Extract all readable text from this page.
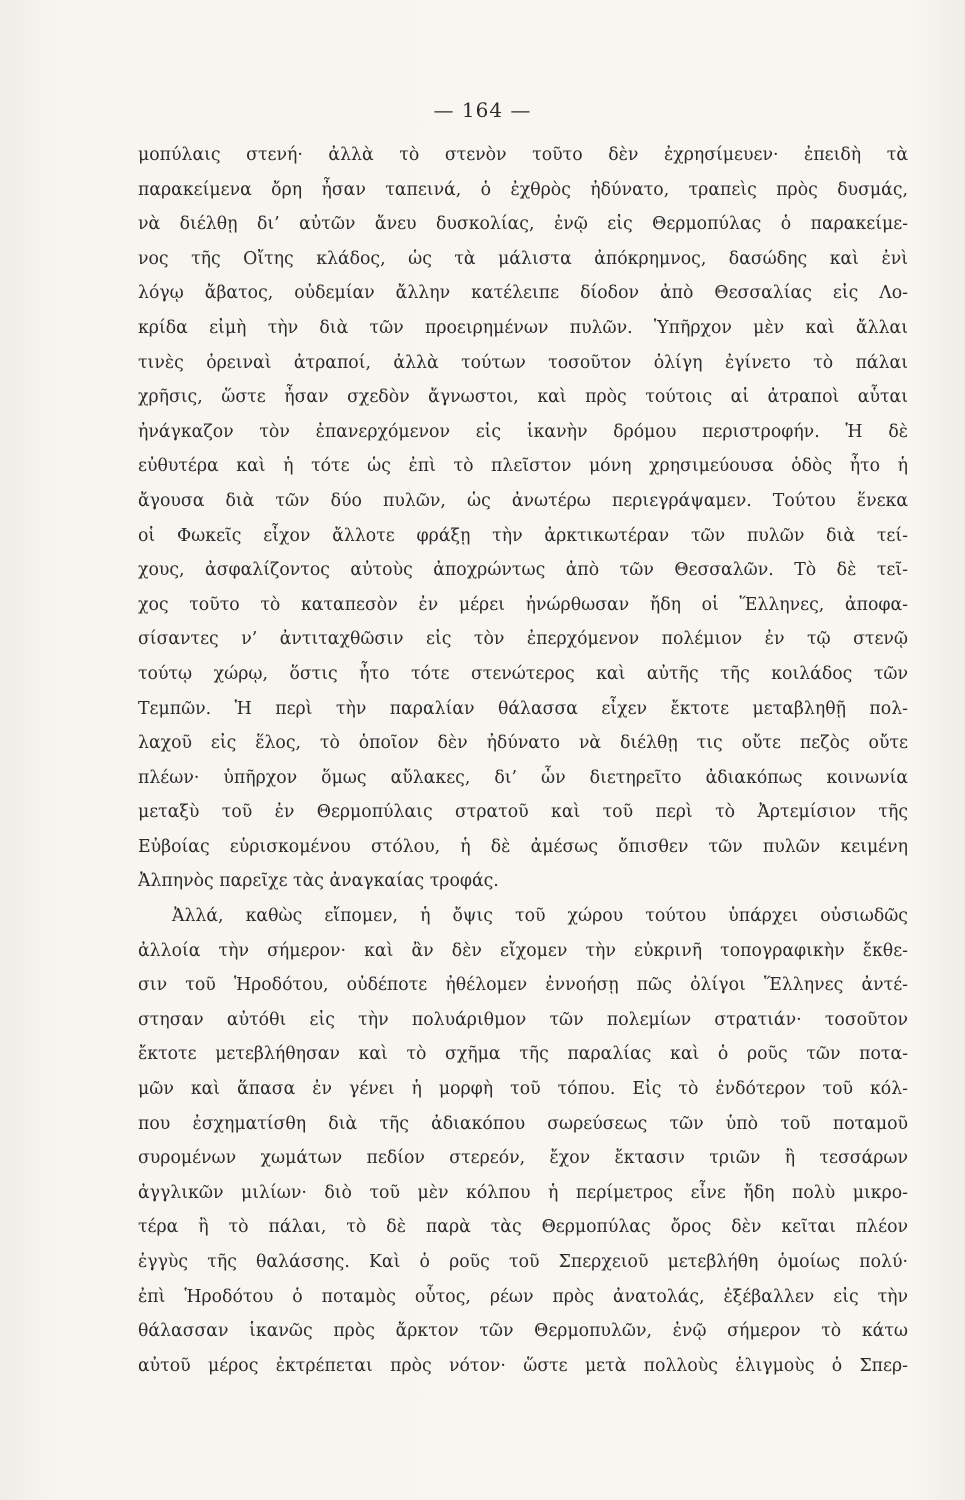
— 164 —
μοπύλαις στενή· ἀλλὰ τὸ στενὸν τοῦτο δὲν ἐχρησίμευεν· ἐπειδὴ τὰ
παρακείμενα ὄρη ἦσαν ταπεινά, ὁ ἐχθρὸς ἠδύνατο, τραπεὶς πρὸς δυσμάς,
νὰ διέλθῃ δι’ αὐτῶν ἄνευ δυσκολίας, ἐνῷ εἰς Θερμοπύλας ὁ παρακείμε-
νος τῆς Οἴτης κλάδος, ὡς τὰ μάλιστα ἀπόκρημνος, δασώδης καὶ ἐνὶ
λόγῳ ἄβατος, οὐδεμίαν ἄλλην κατέλειπε δίοδον ἀπὸ Θεσσαλίας εἰς Λο-
κρίδα εἰμὴ τὴν διὰ τῶν προειρημένων πυλῶν. Ὑπῆρχον μὲν καὶ ἄλλαι
τινὲς ὀρειναὶ ἀτραποί, ἀλλὰ τούτων τοσοῦτον ὀλίγη ἐγίνετο τὸ πάλαι
χρῆσις, ὥστε ἦσαν σχεδὸν ἄγνωστοι, καὶ πρὸς τούτοις αἱ ἀτραποὶ αὗται
ἠνάγκαζον τὸν ἐπανερχόμενον εἰς ἱκανὴν δρόμου περιστροφήν. Ἡ δὲ
εὐθυτέρα καὶ ἡ τότε ὡς ἐπὶ τὸ πλεῖστον μόνη χρησιμεύουσα ὁδὸς ἦτο ἡ
ἄγουσα διὰ τῶν δύο πυλῶν, ὡς ἀνωτέρω περιεγράψαμεν. Τούτου ἕνεκα
οἱ Φωκεῖς εἶχον ἄλλοτε φράξῃ τὴν ἀρκτικωτέραν τῶν πυλῶν διὰ τεί-
χους, ἀσφαλίζοντος αὐτοὺς ἀποχρώντως ἀπὸ τῶν Θεσσαλῶν. Τὸ δὲ τεῖ-
χος τοῦτο τὸ καταπεσὸν ἐν μέρει ἠνώρθωσαν ἤδη οἱ Ἕλληνες, ἀποφα-
σίσαντες ν’ ἀντιταχθῶσιν εἰς τὸν ἐπερχόμενον πολέμιον ἐν τῷ στενῷ
τούτῳ χώρῳ, ὅστις ἦτο τότε στενώτερος καὶ αὐτῆς τῆς κοιλάδος τῶν
Τεμπῶν. Ἡ περὶ τὴν παραλίαν θάλασσα εἶχεν ἔκτοτε μεταβληθῇ πολ-
λαχοῦ εἰς ἕλος, τὸ ὁποῖον δὲν ἠδύνατο νὰ διέλθῃ τις οὔτε πεζὸς οὔτε
πλέων· ὑπῆρχον ὅμως αὔλακες, δι’ ὧν διετηρεῖτο ἀδιακόπως κοινωνία
μεταξὺ τοῦ ἐν Θερμοπύλαις στρατοῦ καὶ τοῦ περὶ τὸ Ἀρτεμίσιον τῆς
Εὐβοίας εὑρισκομένου στόλου, ἡ δὲ ἀμέσως ὄπισθεν τῶν πυλῶν κειμένη
Ἀλπηνὸς παρεῖχε τὰς ἀναγκαίας τροφάς.
Ἀλλά, καθὼς εἴπομεν, ἡ ὄψις τοῦ χώρου τούτου ὑπάρχει οὐσιωδῶς
ἀλλοία τὴν σήμερον· καὶ ἂν δὲν εἴχομεν τὴν εὐκρινῆ τοπογραφικὴν ἔκθε-
σιν τοῦ Ἡροδότου, οὐδέποτε ἠθέλομεν ἐννοήσῃ πῶς ὀλίγοι Ἕλληνες ἀντέ-
στησαν αὐτόθι εἰς τὴν πολυάριθμον τῶν πολεμίων στρατιάν· τοσοῦτον
ἔκτοτε μετεβλήθησαν καὶ τὸ σχῆμα τῆς παραλίας καὶ ὁ ροῦς τῶν ποτα-
μῶν καὶ ἅπασα ἐν γένει ἡ μορφὴ τοῦ τόπου. Εἰς τὸ ἐνδότερον τοῦ κόλ-
που ἐσχηματίσθη διὰ τῆς ἀδιακόπου σωρεύσεως τῶν ὑπὸ τοῦ ποταμοῦ
συρομένων χωμάτων πεδίον στερεόν, ἔχον ἔκτασιν τριῶν ἢ τεσσάρων
ἀγγλικῶν μιλίων· διὸ τοῦ μὲν κόλπου ἡ περίμετρος εἶνε ἤδη πολὺ μικρο-
τέρα ἢ τὸ πάλαι, τὸ δὲ παρὰ τὰς Θερμοπύλας ὄρος δὲν κεῖται πλέον
ἐγγὺς τῆς θαλάσσης. Καὶ ὁ ροῦς τοῦ Σπερχειοῦ μετεβλήθη ὁμοίως πολύ·
ἐπὶ Ἡροδότου ὁ ποταμὸς οὗτος, ρέων πρὸς ἀνατολάς, ἐξέβαλλεν εἰς τὴν
θάλασσαν ἱκανῶς πρὸς ἄρκτον τῶν Θερμοπυλῶν, ἐνῷ σήμερον τὸ κάτω
αὐτοῦ μέρος ἐκτρέπεται πρὸς νότον· ὥστε μετὰ πολλοὺς ἑλιγμοὺς ὁ Σπερ-
